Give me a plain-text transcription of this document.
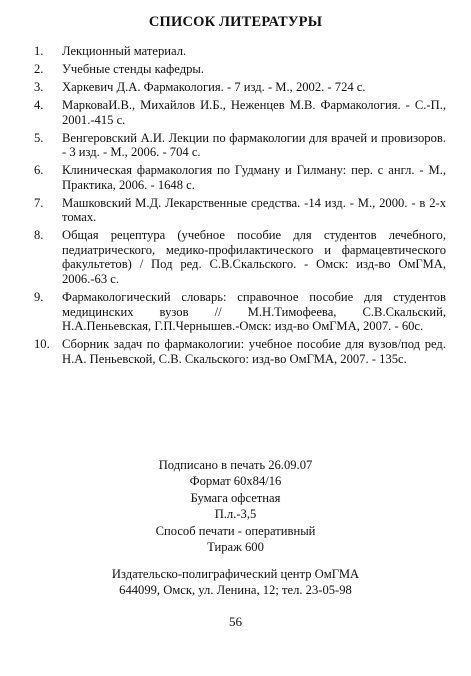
СПИСОК ЛИТЕРАТУРЫ
1.	Лекционный материал.
2.	Учебные стенды кафедры.
3.	Харкевич Д.А. Фармакология. - 7 изд. - М., 2002. - 724 с.
4.	МарковаИ.В., Михайлов И.Б., Неженцев М.В. Фармакология. - С.-П., 2001.-415 с.
5.	Венгеровский А.И. Лекции по фармакологии для врачей и провизоров. - 3 изд. - М., 2006. - 704 с.
6.	Клиническая фармакология по Гудману и Гилману: пер. с англ. - М., Практика, 2006. - 1648 с.
7.	Машковский М.Д. Лекарственные средства. -14 изд. - М., 2000. - в 2-х томах.
8.	Общая рецептура (учебное пособие для студентов лечебного, педиатрического, медико-профилактического и фармацевтического факультетов) / Под ред. С.В.Скальского. - Омск: изд-во ОмГМА, 2006.-63 с.
9.	Фармакологический словарь: справочное пособие для студентов медицинских вузов // М.Н.Тимофеева, С.В.Скальский, Н.А.Пеньевская, Г.П.Чернышев.-Омск: изд-во ОмГМА, 2007. - 60с.
10. Сборник задач по фармакологии: учебное пособие для вузов/под ред. Н.А. Пеньевской, С.В. Скальского: изд-во ОмГМА, 2007. - 135с.
Подписано в печать 26.09.07
Формат 60x84/16
Бумага офсетная
П.л.-3,5
Способ печати - оперативный
Тираж 600
Издательско-полиграфический центр ОмГМА
644099, Омск, ул. Ленина, 12; тел. 23-05-98
56
